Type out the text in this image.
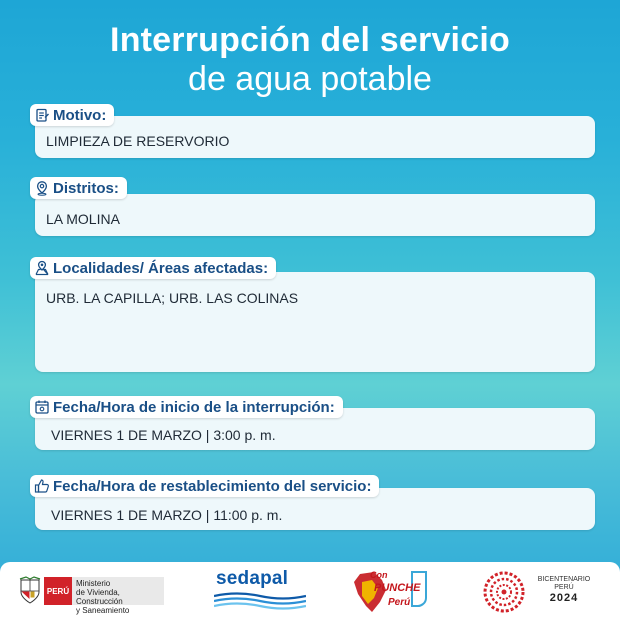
Interrupción del servicio
de agua potable
LIMPIEZA DE RESERVORIO
Motivo:
LA MOLINA
Distritos:
URB. LA CAPILLA; URB. LAS COLINAS
Localidades/ Áreas afectadas:
VIERNES 1 DE MARZO | 3:00 p. m.
Fecha/Hora de inicio de la interrupción:
VIERNES 1 DE MARZO | 11:00 p. m.
Fecha/Hora de restablecimiento del servicio:
PERÚ
Ministerio
de Vivienda, Construcción
y Saneamiento
sedapal	Con
PUNCHE
Perú
BICENTENARIO
PERÚ
2024
